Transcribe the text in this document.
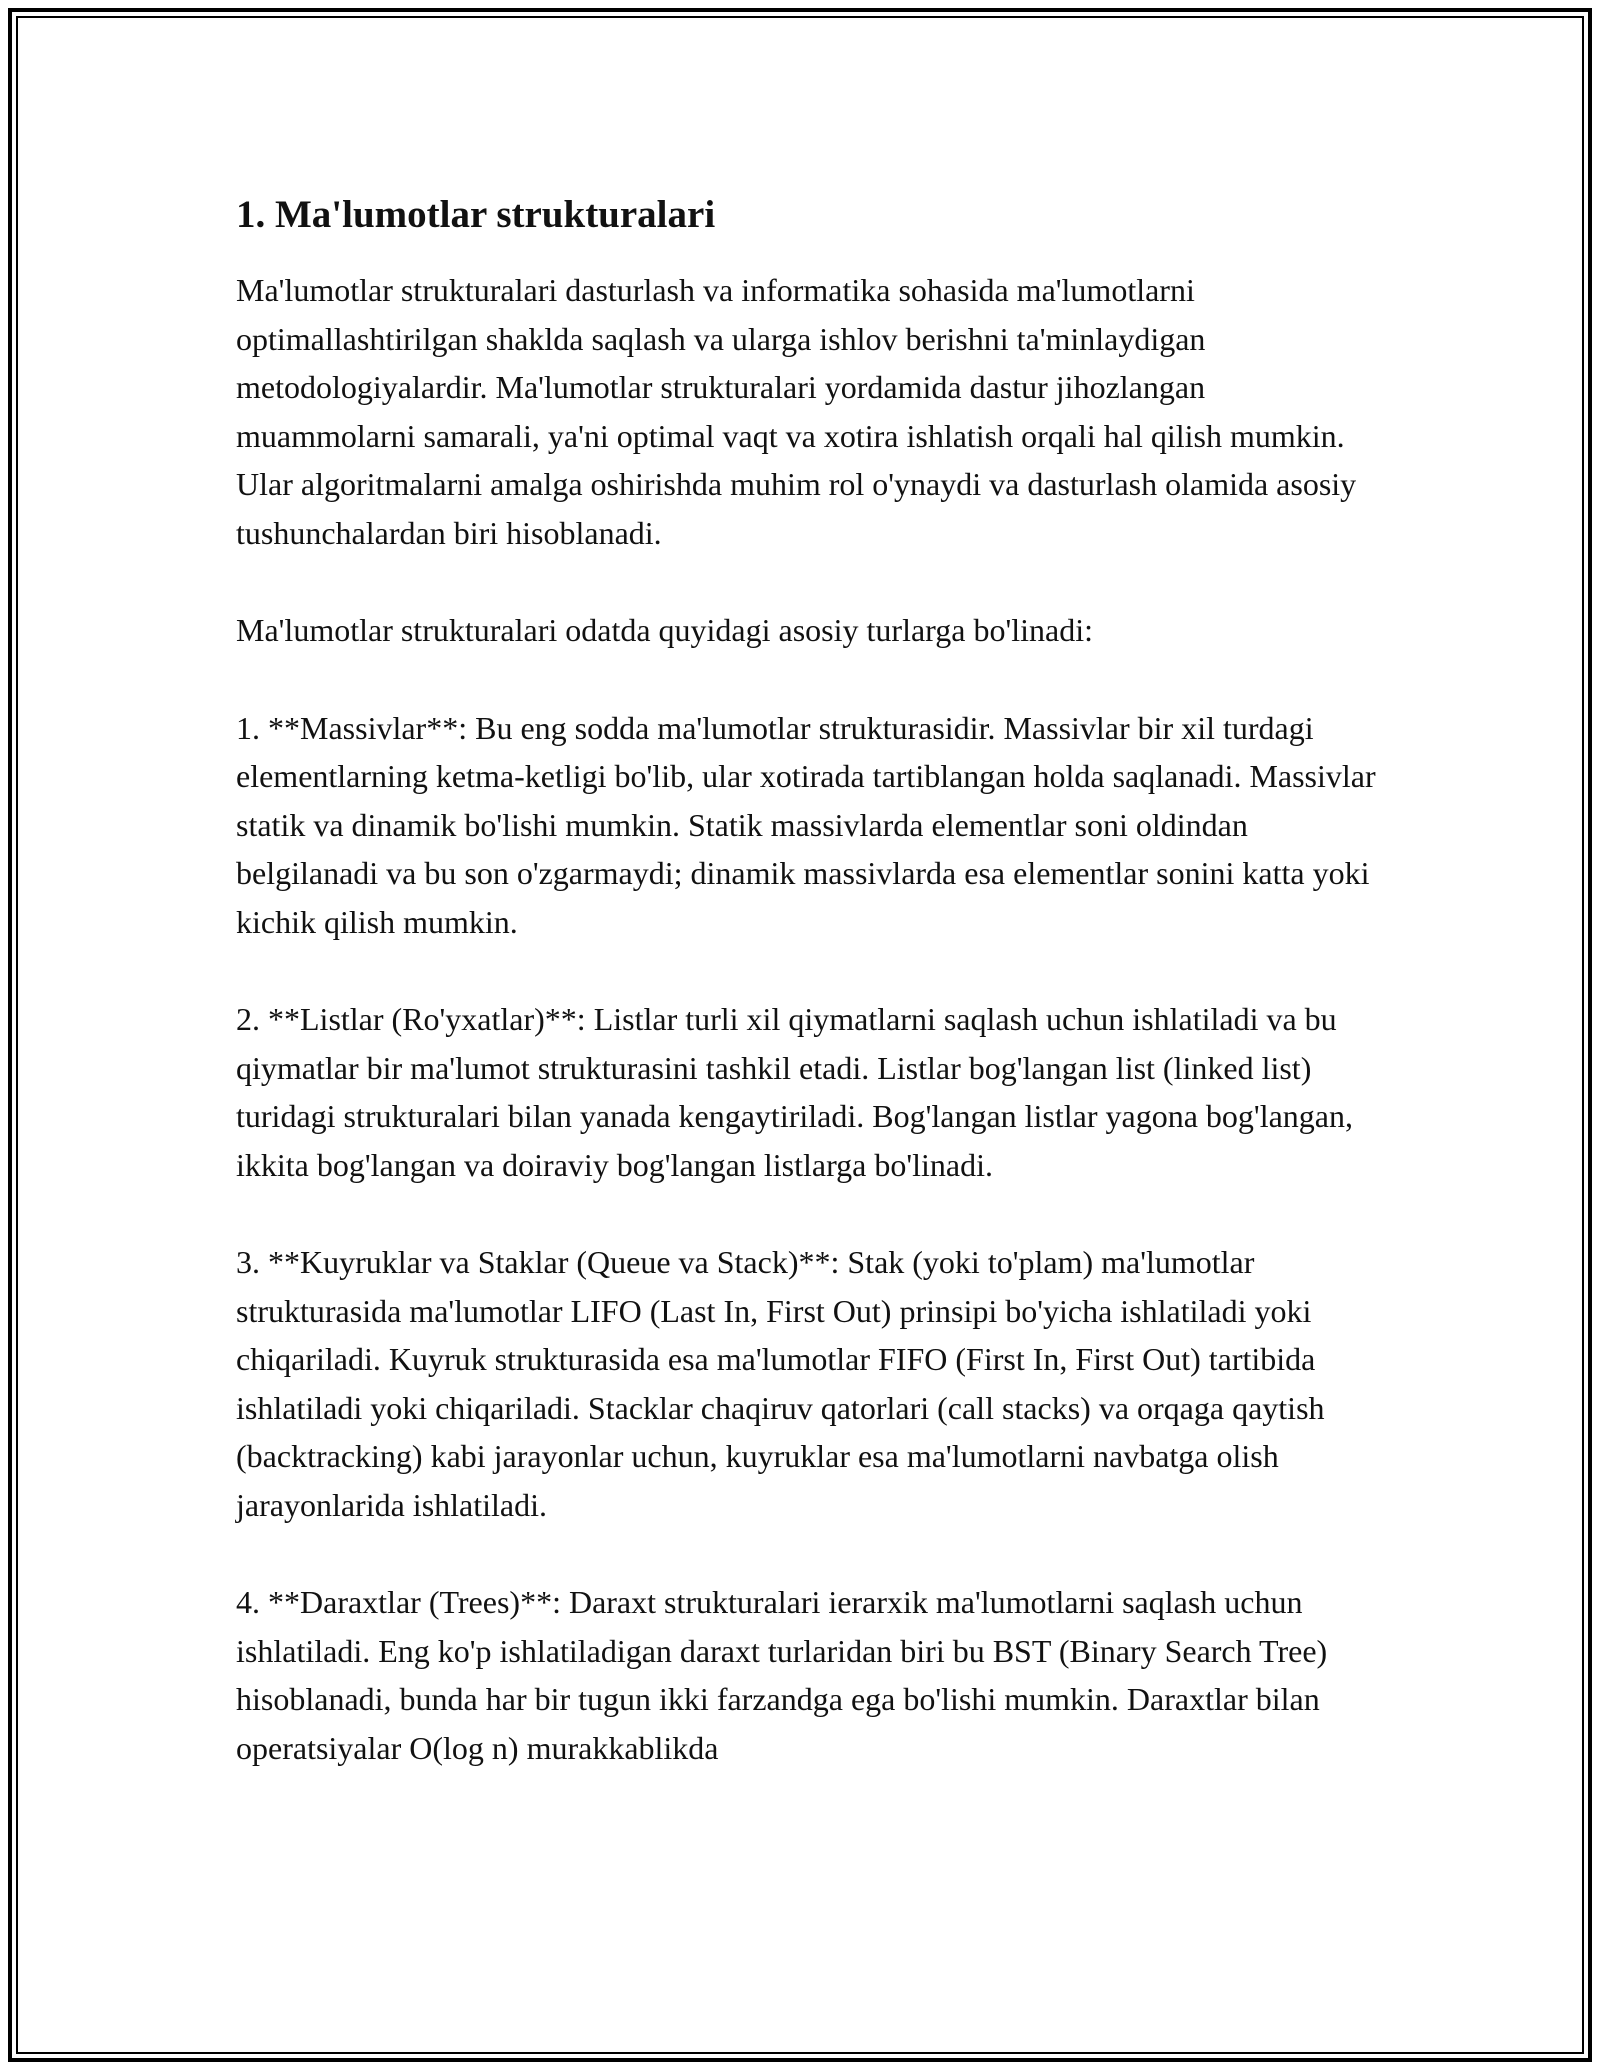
1. Ma'lumotlar strukturalari

Ma'lumotlar strukturalari dasturlash va informatika sohasida ma'lumotlarni optimallashtirilgan shaklda saqlash va ularga ishlov berishni ta'minlaydigan metodologiyalardir. Ma'lumotlar strukturalari yordamida dastur jihozlangan muammolarni samarali, ya'ni optimal vaqt va xotira ishlatish orqali hal qilish mumkin. Ular algoritmalarni amalga oshirishda muhim rol o'ynaydi va dasturlash olamida asosiy tushunchalardan biri hisoblanadi.

Ma'lumotlar strukturalari odatda quyidagi asosiy turlarga bo'linadi:

1. **Massivlar**: Bu eng sodda ma'lumotlar strukturasidir. Massivlar bir xil turdagi elementlarning ketma-ketligi bo'lib, ular xotirada tartiblangan holda saqlanadi. Massivlar statik va dinamik bo'lishi mumkin. Statik massivlarda elementlar soni oldindan belgilanadi va bu son o'zgarmaydi; dinamik massivlarda esa elementlar sonini katta yoki kichik qilish mumkin.

2. **Listlar (Ro'yxatlar)**: Listlar turli xil qiymatlarni saqlash uchun ishlatiladi va bu qiymatlar bir ma'lumot strukturasini tashkil etadi. Listlar bog'langan list (linked list) turidagi strukturalari bilan yanada kengaytiriladi. Bog'langan listlar yagona bog'langan, ikkita bog'langan va doiraviy bog'langan listlarga bo'linadi.

3. **Kuyruklar va Staklar (Queue va Stack)**: Stak (yoki to'plam) ma'lumotlar strukturasida ma'lumotlar LIFO (Last In, First Out) prinsipi bo'yicha ishlatiladi yoki chiqariladi. Kuyruk strukturasida esa ma'lumotlar FIFO (First In, First Out) tartibida ishlatiladi yoki chiqariladi. Stacklar chaqiruv qatorlari (call stacks) va orqaga qaytish (backtracking) kabi jarayonlar uchun, kuyruklar esa ma'lumotlarni navbatga olish jarayonlarida ishlatiladi.

4. **Daraxtlar (Trees)**: Daraxt strukturalari ierarxik ma'lumotlarni saqlash uchun ishlatiladi. Eng ko'p ishlatiladigan daraxt turlaridan biri bu BST (Binary Search Tree) hisoblanadi, bunda har bir tugun ikki farzandga ega bo'lishi mumkin. Daraxtlar bilan operatsiyalar O(log n) murakkablikda
